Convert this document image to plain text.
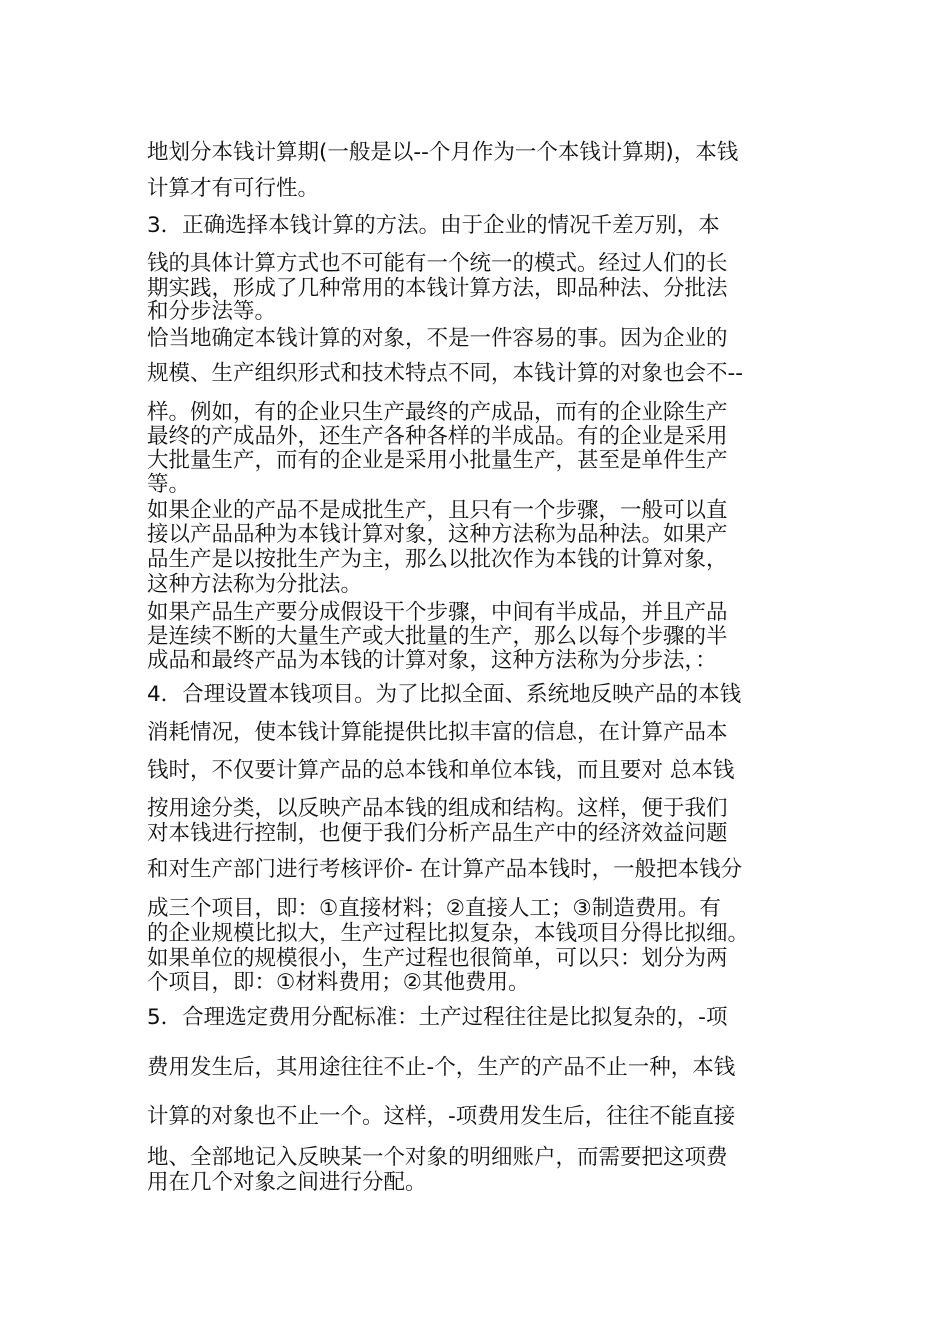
地划分本钱计算期(一般是以--个月作为一个本钱计算期)，本钱
计算才有可行性。
3．正确选择本钱计算的方法。由于企业的情况千差万别，本
钱的具体计算方式也不可能有一个统一的模式。经过人们的长
期实践，形成了几种常用的本钱计算方法，即品种法、分批法
和分步法等。
恰当地确定本钱计算的对象，不是一件容易的事。因为企业的
规模、生产组织形式和技术特点不同，本钱计算的对象也会不--
样。例如，有的企业只生产最终的产成品，而有的企业除生产
最终的产成品外，还生产各种各样的半成品。有的企业是采用
大批量生产，而有的企业是采用小批量生产，甚至是单件生产
等。
如果企业的产品不是成批生产，且只有一个步骤，一般可以直
接以产品品种为本钱计算对象，这种方法称为品种法。如果产
品生产是以按批生产为主，那么以批次作为本钱的计算对象，
这种方法称为分批法。
如果产品生产要分成假设干个步骤，中间有半成品，并且产品
是连续不断的大量生产或大批量的生产，那么以每个步骤的半
成品和最终产品为本钱的计算对象，这种方法称为分步法，：
4．合理设置本钱项目。为了比拟全面、系统地反映产品的本钱
消耗情况，使本钱计算能提供比拟丰富的信息，在计算产品本
钱时，不仅要计算产品的总本钱和单位本钱，而且要对 总本钱
按用途分类，以反映产品本钱的组成和结构。这样，便于我们
对本钱进行控制，也便于我们分析产品生产中的经济效益问题
和对生产部门进行考核评价- 在计算产品本钱时，一般把本钱分
成三个项目，即：①直接材料；②直接人工；③制造费用。有
的企业规模比拟大，生产过程比拟复杂，本钱项目分得比拟细。
如果单位的规模很小，生产过程也很简单，可以只：划分为两
个项目，即：①材料费用；②其他费用。
5．合理选定费用分配标准：土产过程往往是比拟复杂的，-项
费用发生后，其用途往往不止-个，生产的产品不止一种，本钱
计算的对象也不止一个。这样，-项费用发生后，往往不能直接
地、全部地记入反映某一个对象的明细账户，而需要把这项费
用在几个对象之间进行分配。
